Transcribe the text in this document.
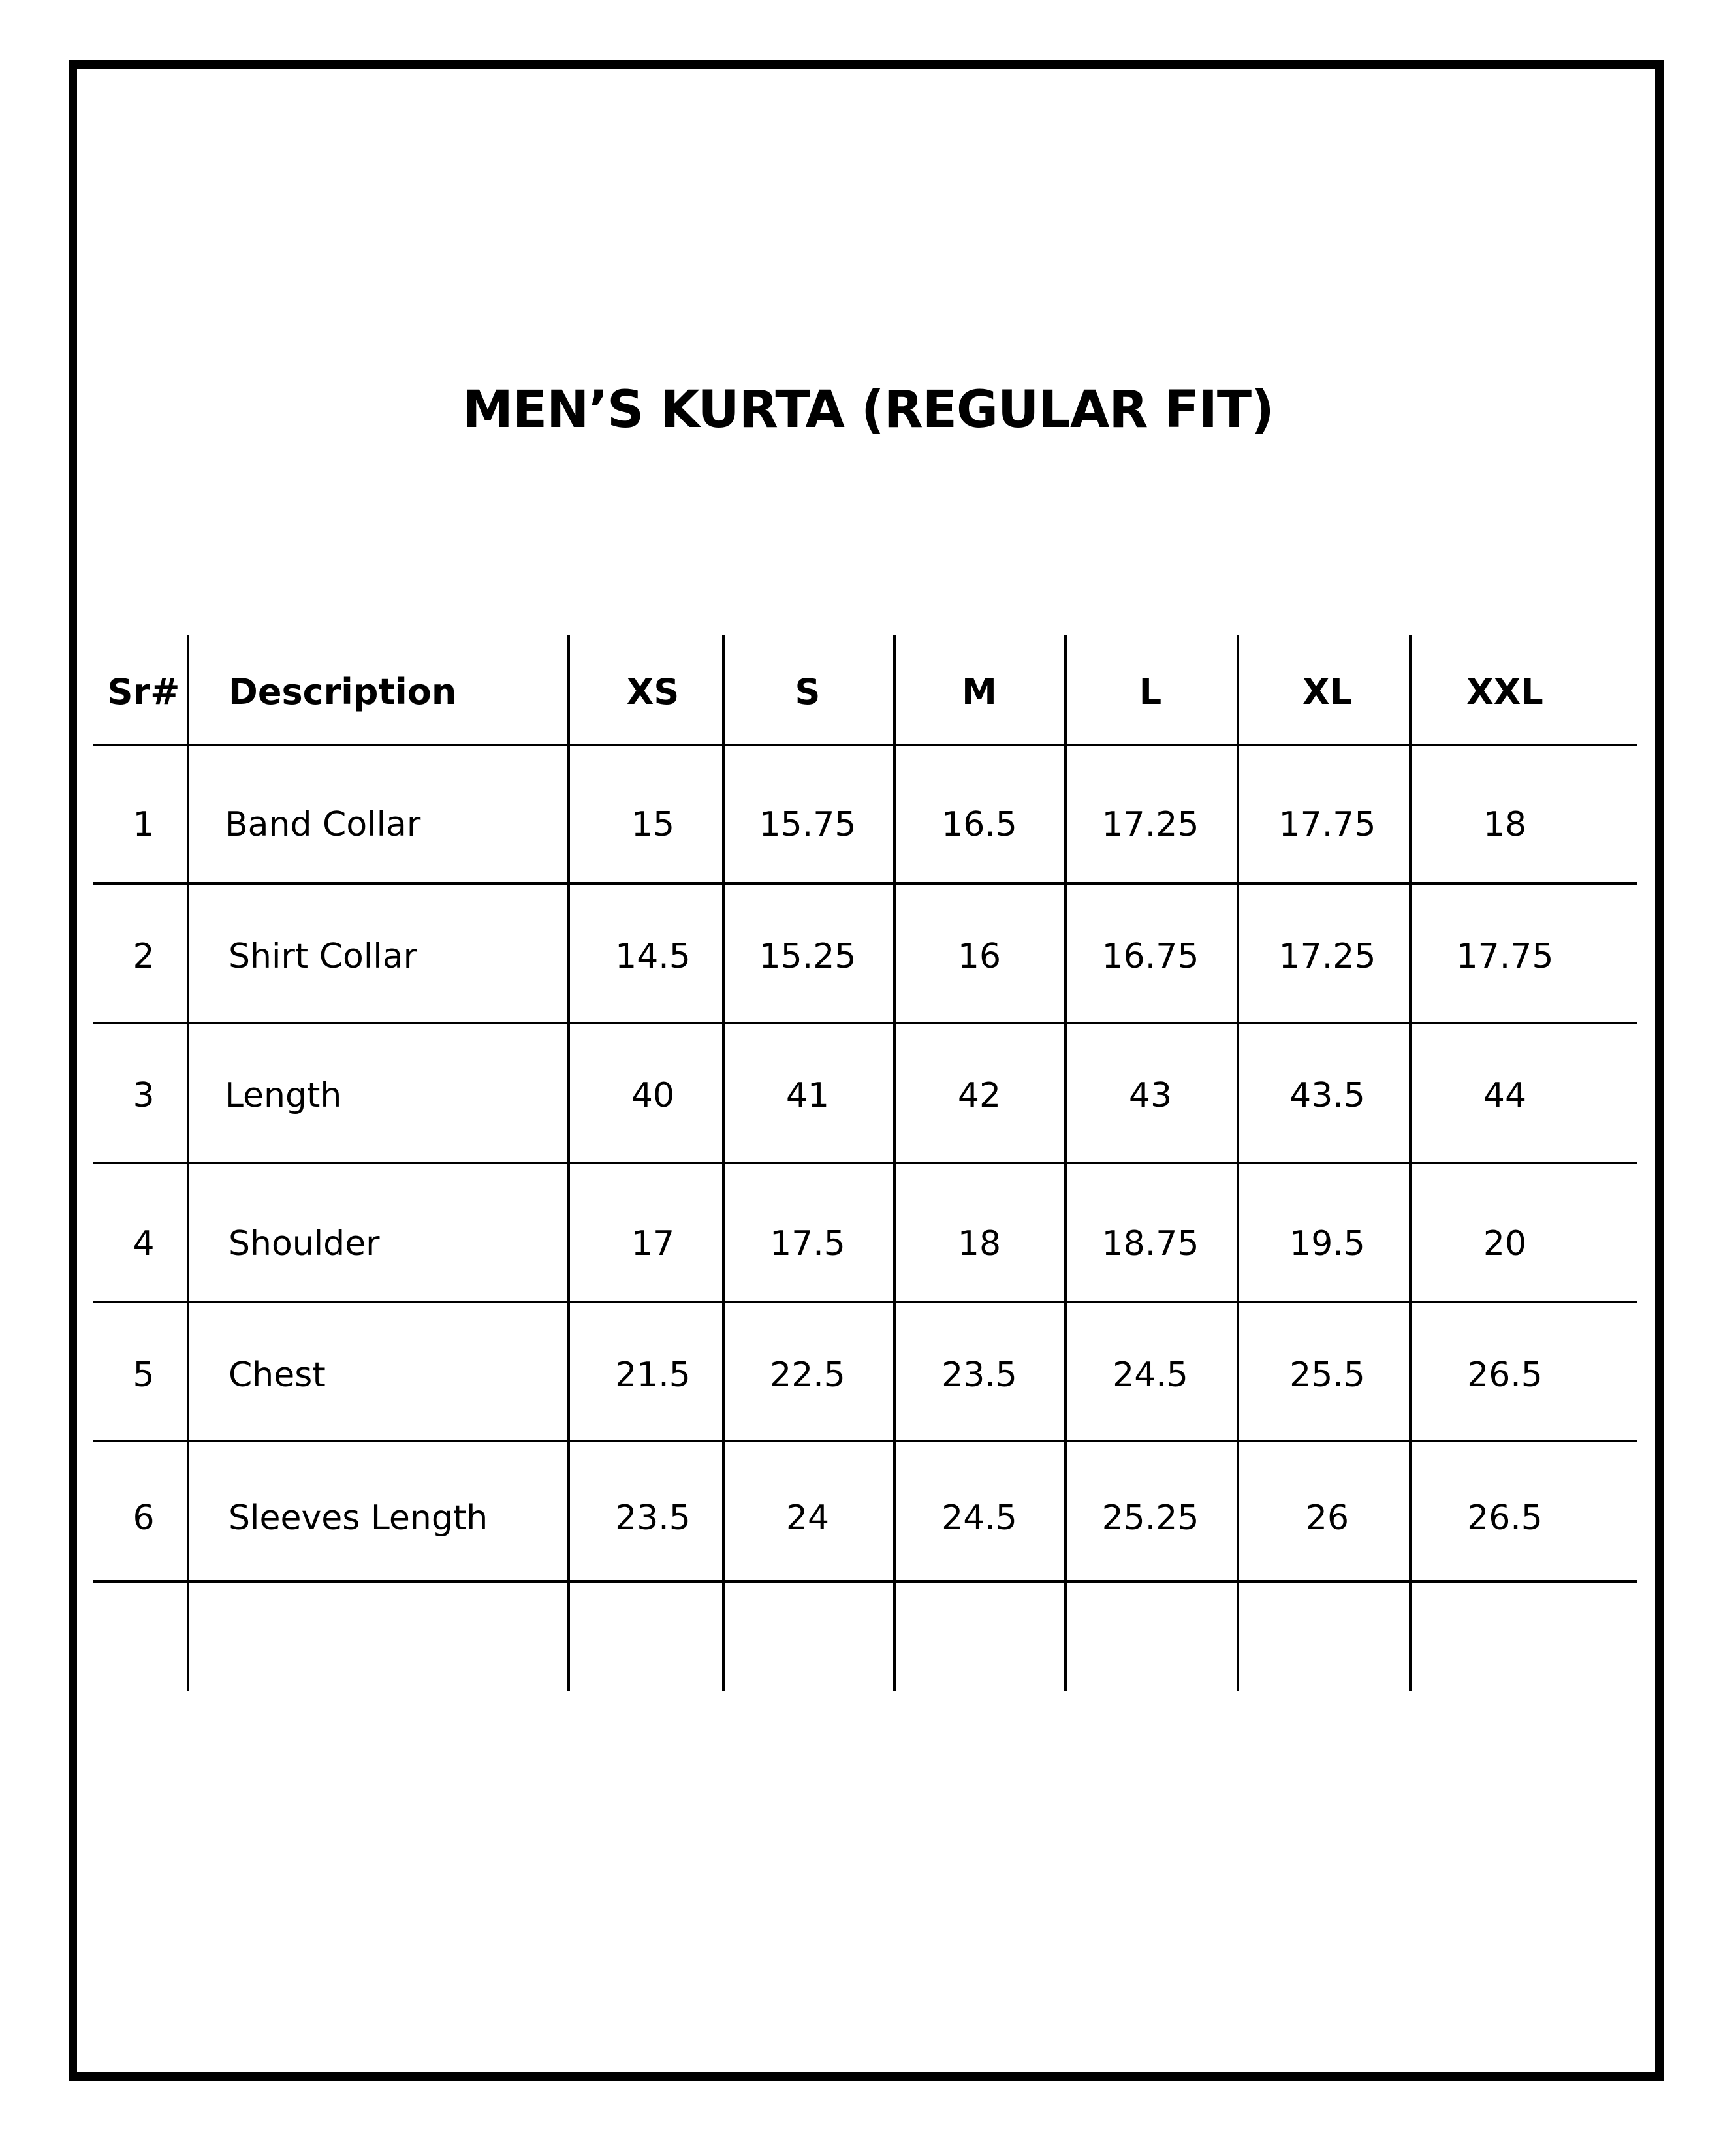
MEN’S KURTA (REGULAR FIT)
Sr#	Description	XS	S	M	L	XL	XXL
1	Band Collar	15	15.75	16.5	17.25	17.75	18
2	Shirt Collar	14.5	15.25	16	16.75	17.25	17.75
3	Length	40	41	42	43	43.5	44
4	Shoulder	17	17.5	18	18.75	19.5	20
5	Chest	21.5	22.5	23.5	24.5	25.5	26.5
6	Sleeves Length	23.5	24	24.5	25.25	26	26.5
